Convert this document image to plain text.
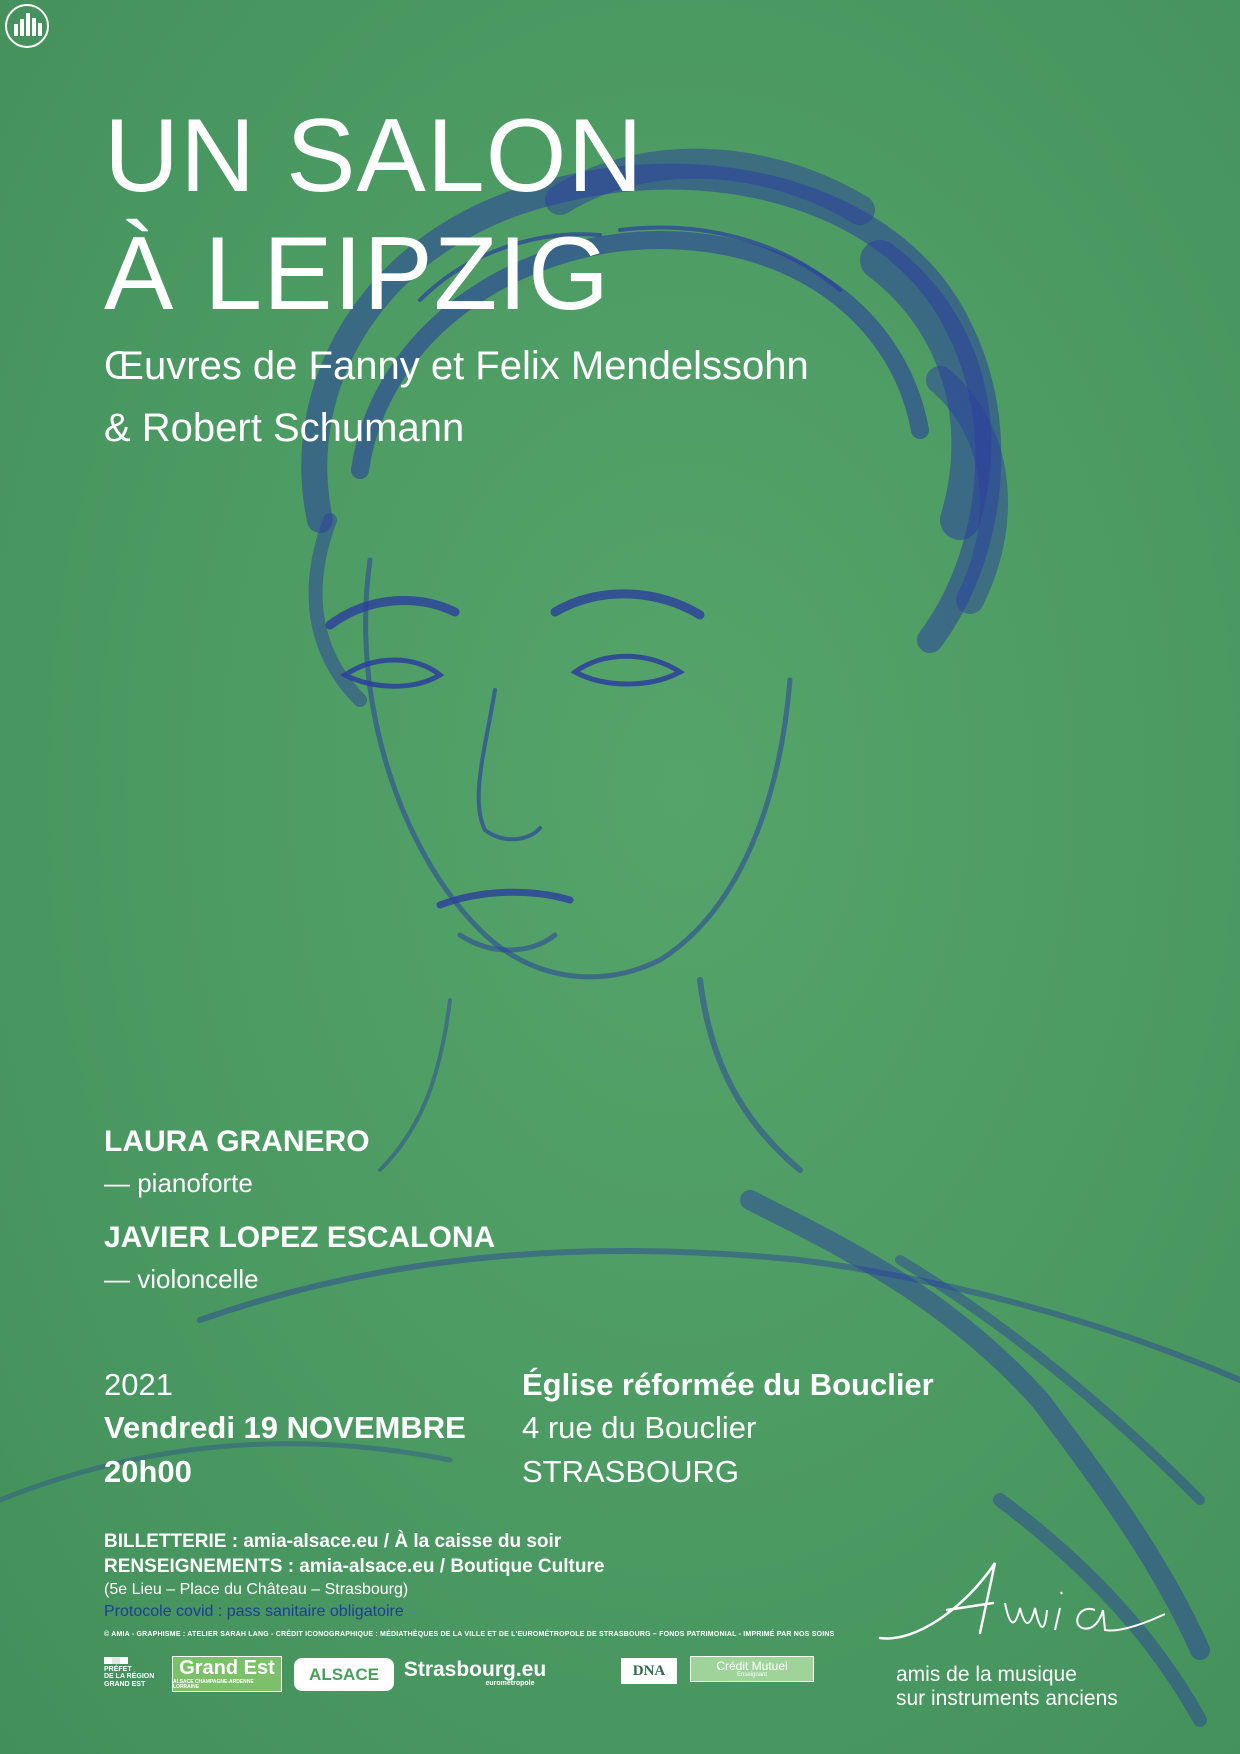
UN SALON
À LEIPZIG

Œuvres de Fanny et Felix Mendelssohn

& Robert Schumann

LAURA GRANERO

— pianoforte

JAVIER LOPEZ ESCALONA

— violoncelle

2021

Vendredi 19 NOVEMBRE

20h00

Église réformée du Bouclier

4 rue du Bouclier

STRASBOURG

BILLETTERIE : amia-alsace.eu / À la caisse du soir

RENSEIGNEMENTS : amia-alsace.eu / Boutique Culture

(5e Lieu – Place du Château – Strasbourg)

Protocole covid : pass sanitaire obligatoire

© AMIA - GRAPHISME : ATELIER SARAH LANG - CRÉDIT ICONOGRAPHIQUE : MÉDIATHÈQUES DE LA VILLE ET DE L'EUROMÉTROPOLE DE STRASBOURG – FONDS PATRIMONIAL - IMPRIMÉ PAR NOS SOINS

PRÉFET
DE LA RÉGION
GRAND EST
Grand Est
ALSACE CHAMPAGNE-ARDENNE LORRAINE
ALSACE Strasbourg.eu
eurométropole
DNA	Crédit Mutuel
Enseignant	amis de la musique

sur instruments anciens
